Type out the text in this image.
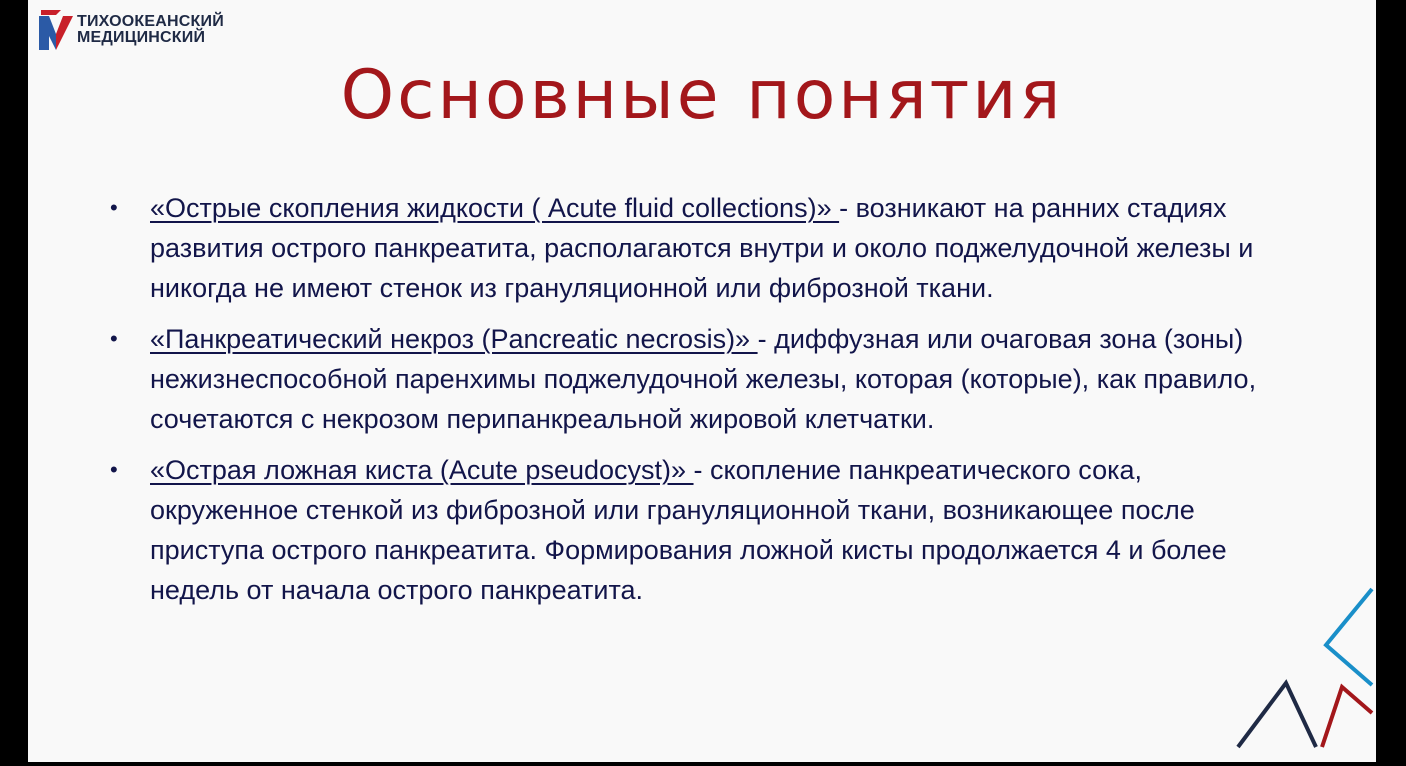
ТИХООКЕАНСКИЙ
МЕДИЦИНСКИЙ
Основные понятия
• «Острые скопления жидкости ( Acute fluid collections)» - возникают на ранних стадиях развития острого панкреатита, располагаются внутри и около поджелудочной железы и никогда не имеют стенок из грануляционной или фиброзной ткани.
• «Панкреатический некроз (Pancreatic necrosis)» - диффузная или очаговая зона (зоны) нежизнеспособной паренхимы поджелудочной железы, которая (которые), как правило, сочетаются с некрозом перипанкреальной жировой клетчатки.
• «Острая ложная киста (Acute pseudocyst)» - скопление панкреатического сока, окруженное стенкой из фиброзной или грануляционной ткани, возникающее после приступа острого панкреатита. Формирования ложной кисты продолжается 4 и более недель от начала острого панкреатита.
